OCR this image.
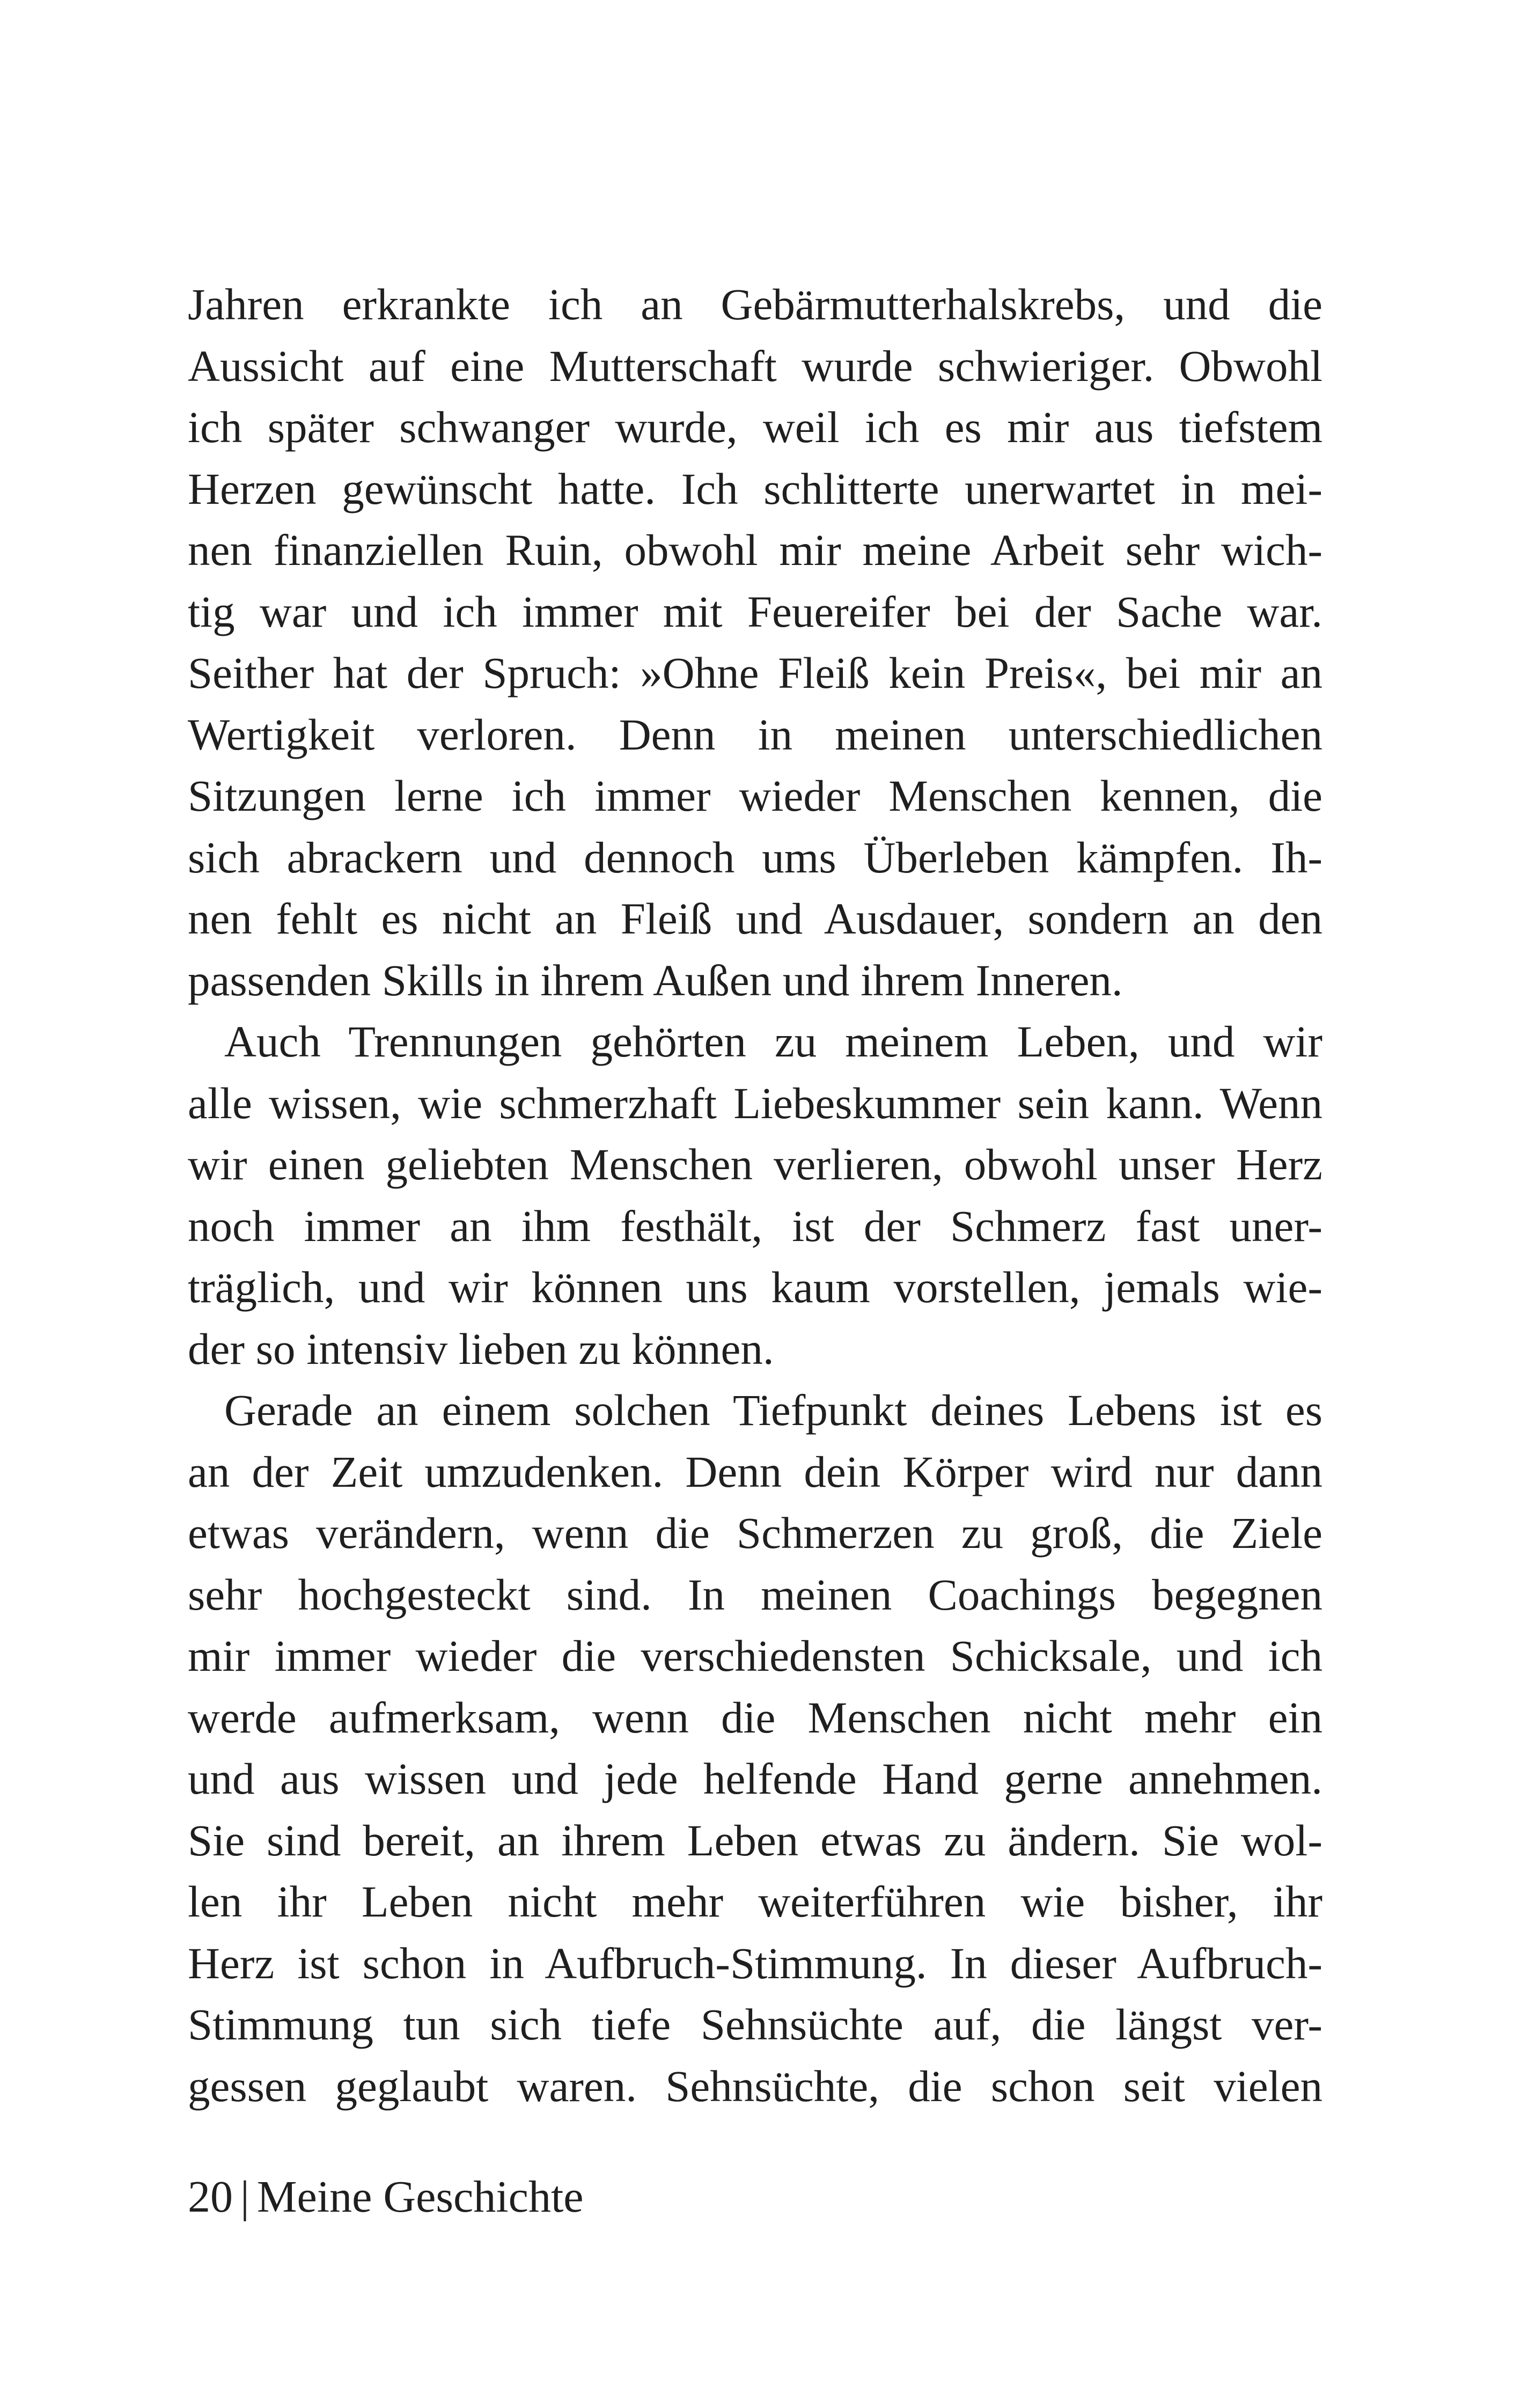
Jahren erkrankte ich an Gebärmutterhalskrebs, und die
Aussicht auf eine Mutterschaft wurde schwieriger. Obwohl
ich später schwanger wurde, weil ich es mir aus tiefstem
Herzen gewünscht hatte. Ich schlitterte unerwartet in mei-
nen finanziellen Ruin, obwohl mir meine Arbeit sehr wich-
tig war und ich immer mit Feuereifer bei der Sache war.
Seither hat der Spruch: »Ohne Fleiß kein Preis«, bei mir an
Wertigkeit verloren. Denn in meinen unterschiedlichen
Sitzungen lerne ich immer wieder Menschen kennen, die
sich abrackern und dennoch ums Überleben kämpfen. Ih-
nen fehlt es nicht an Fleiß und Ausdauer, sondern an den
passenden Skills in ihrem Außen und ihrem Inneren.
Auch Trennungen gehörten zu meinem Leben, und wir
alle wissen, wie schmerzhaft Liebeskummer sein kann. Wenn
wir einen geliebten Menschen verlieren, obwohl unser Herz
noch immer an ihm festhält, ist der Schmerz fast uner-
träglich, und wir können uns kaum vorstellen, jemals wie-
der so intensiv lieben zu können.
Gerade an einem solchen Tiefpunkt deines Lebens ist es
an der Zeit umzudenken. Denn dein Körper wird nur dann
etwas verändern, wenn die Schmerzen zu groß, die Ziele
sehr hochgesteckt sind. In meinen Coachings begegnen
mir immer wieder die verschiedensten Schicksale, und ich
werde aufmerksam, wenn die Menschen nicht mehr ein
und aus wissen und jede helfende Hand gerne annehmen.
Sie sind bereit, an ihrem Leben etwas zu ändern. Sie wol-
len ihr Leben nicht mehr weiterführen wie bisher, ihr
Herz ist schon in Aufbruch-Stimmung. In dieser Aufbruch-
Stimmung tun sich tiefe Sehnsüchte auf, die längst ver-
gessen geglaubt waren. Sehnsüchte, die schon seit vielen
20 | Meine Geschichte
